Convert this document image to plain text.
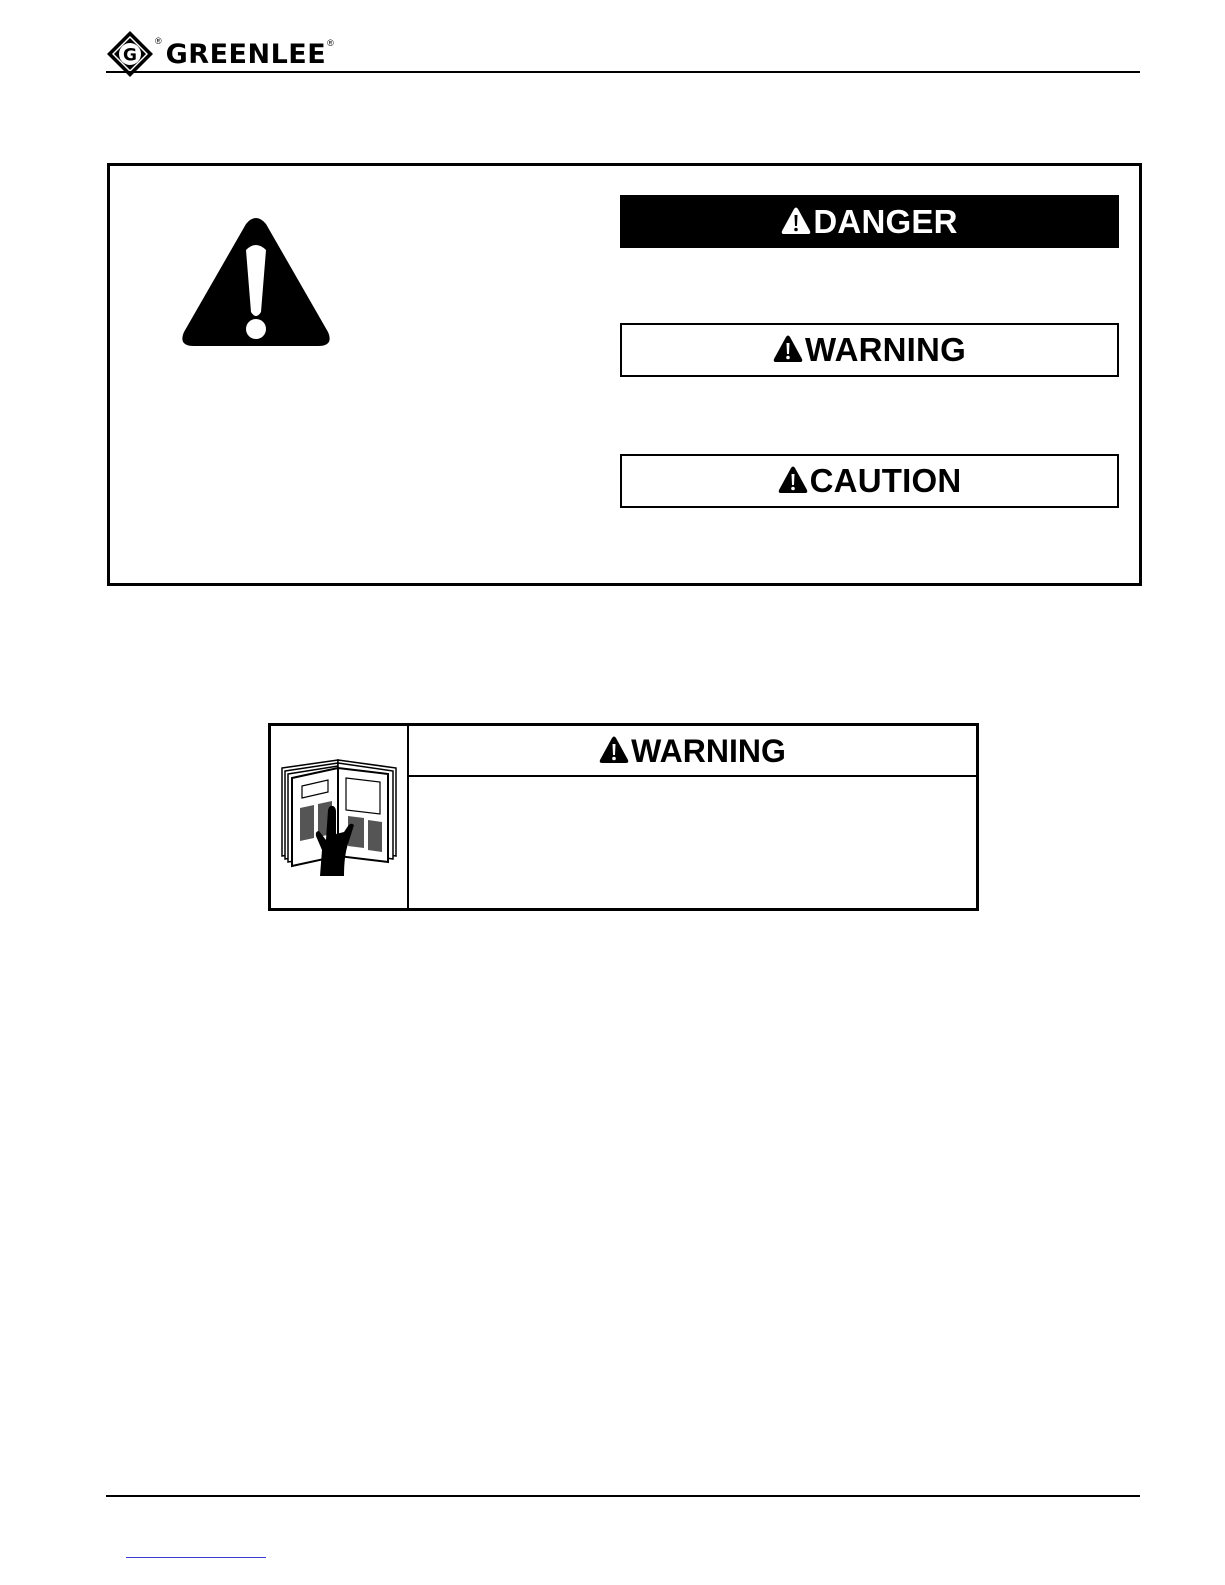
G
® GREENLEE ®
DANGER
WARNING
CAUTION
WARNING
